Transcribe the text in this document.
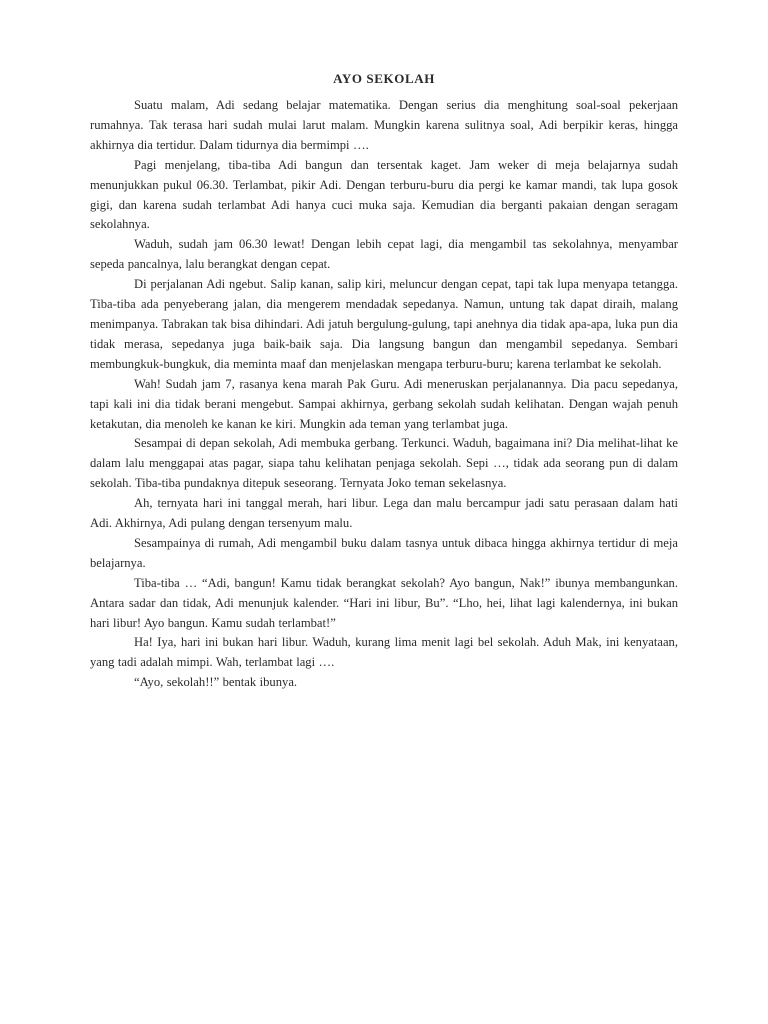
AYO SEKOLAH

Suatu malam, Adi sedang belajar matematika. Dengan serius dia menghitung soal-soal pekerjaan rumahnya. Tak terasa hari sudah mulai larut malam. Mungkin karena sulitnya soal, Adi berpikir keras, hingga akhirnya dia tertidur. Dalam tidurnya dia bermimpi ….

Pagi menjelang, tiba-tiba Adi bangun dan tersentak kaget. Jam weker di meja belajarnya sudah menunjukkan pukul 06.30. Terlambat, pikir Adi. Dengan terburu-buru dia pergi ke kamar mandi, tak lupa gosok gigi, dan karena sudah terlambat Adi hanya cuci muka saja. Kemudian dia berganti pakaian dengan seragam sekolahnya.

Waduh, sudah jam 06.30 lewat! Dengan lebih cepat lagi, dia mengambil tas sekolahnya, menyambar sepeda pancalnya, lalu berangkat dengan cepat.

Di perjalanan Adi ngebut. Salip kanan, salip kiri, meluncur dengan cepat, tapi tak lupa menyapa tetangga. Tiba-tiba ada penyeberang jalan, dia mengerem mendadak sepedanya. Namun, untung tak dapat diraih, malang menimpanya. Tabrakan tak bisa dihindari. Adi jatuh bergulung-gulung, tapi anehnya dia tidak apa-apa, luka pun dia tidak merasa, sepedanya juga baik-baik saja. Dia langsung bangun dan mengambil sepedanya. Sembari membungkuk-bungkuk, dia meminta maaf dan menjelaskan mengapa terburu-buru; karena terlambat ke sekolah.

Wah! Sudah jam 7, rasanya kena marah Pak Guru. Adi meneruskan perjalanannya. Dia pacu sepedanya, tapi kali ini dia tidak berani mengebut. Sampai akhirnya, gerbang sekolah sudah kelihatan. Dengan wajah penuh ketakutan, dia menoleh ke kanan ke kiri. Mungkin ada teman yang terlambat juga.

Sesampai di depan sekolah, Adi membuka gerbang. Terkunci. Waduh, bagaimana ini? Dia melihat-lihat ke dalam lalu menggapai atas pagar, siapa tahu kelihatan penjaga sekolah. Sepi …, tidak ada seorang pun di dalam sekolah. Tiba-tiba pundaknya ditepuk seseorang. Ternyata Joko teman sekelasnya.

Ah, ternyata hari ini tanggal merah, hari libur. Lega dan malu bercampur jadi satu perasaan dalam hati Adi. Akhirnya, Adi pulang dengan tersenyum malu.

Sesampainya di rumah, Adi mengambil buku dalam tasnya untuk dibaca hingga akhirnya tertidur di meja belajarnya.

Tiba-tiba … “Adi, bangun! Kamu tidak berangkat sekolah? Ayo bangun, Nak!” ibunya membangunkan. Antara sadar dan tidak, Adi menunjuk kalender. “Hari ini libur, Bu”. “Lho, hei, lihat lagi kalendernya, ini bukan hari libur! Ayo bangun. Kamu sudah terlambat!”

Ha! Iya, hari ini bukan hari libur. Waduh, kurang lima menit lagi bel sekolah. Aduh Mak, ini kenyataan, yang tadi adalah mimpi. Wah, terlambat lagi ….

“Ayo, sekolah!!” bentak ibunya.
